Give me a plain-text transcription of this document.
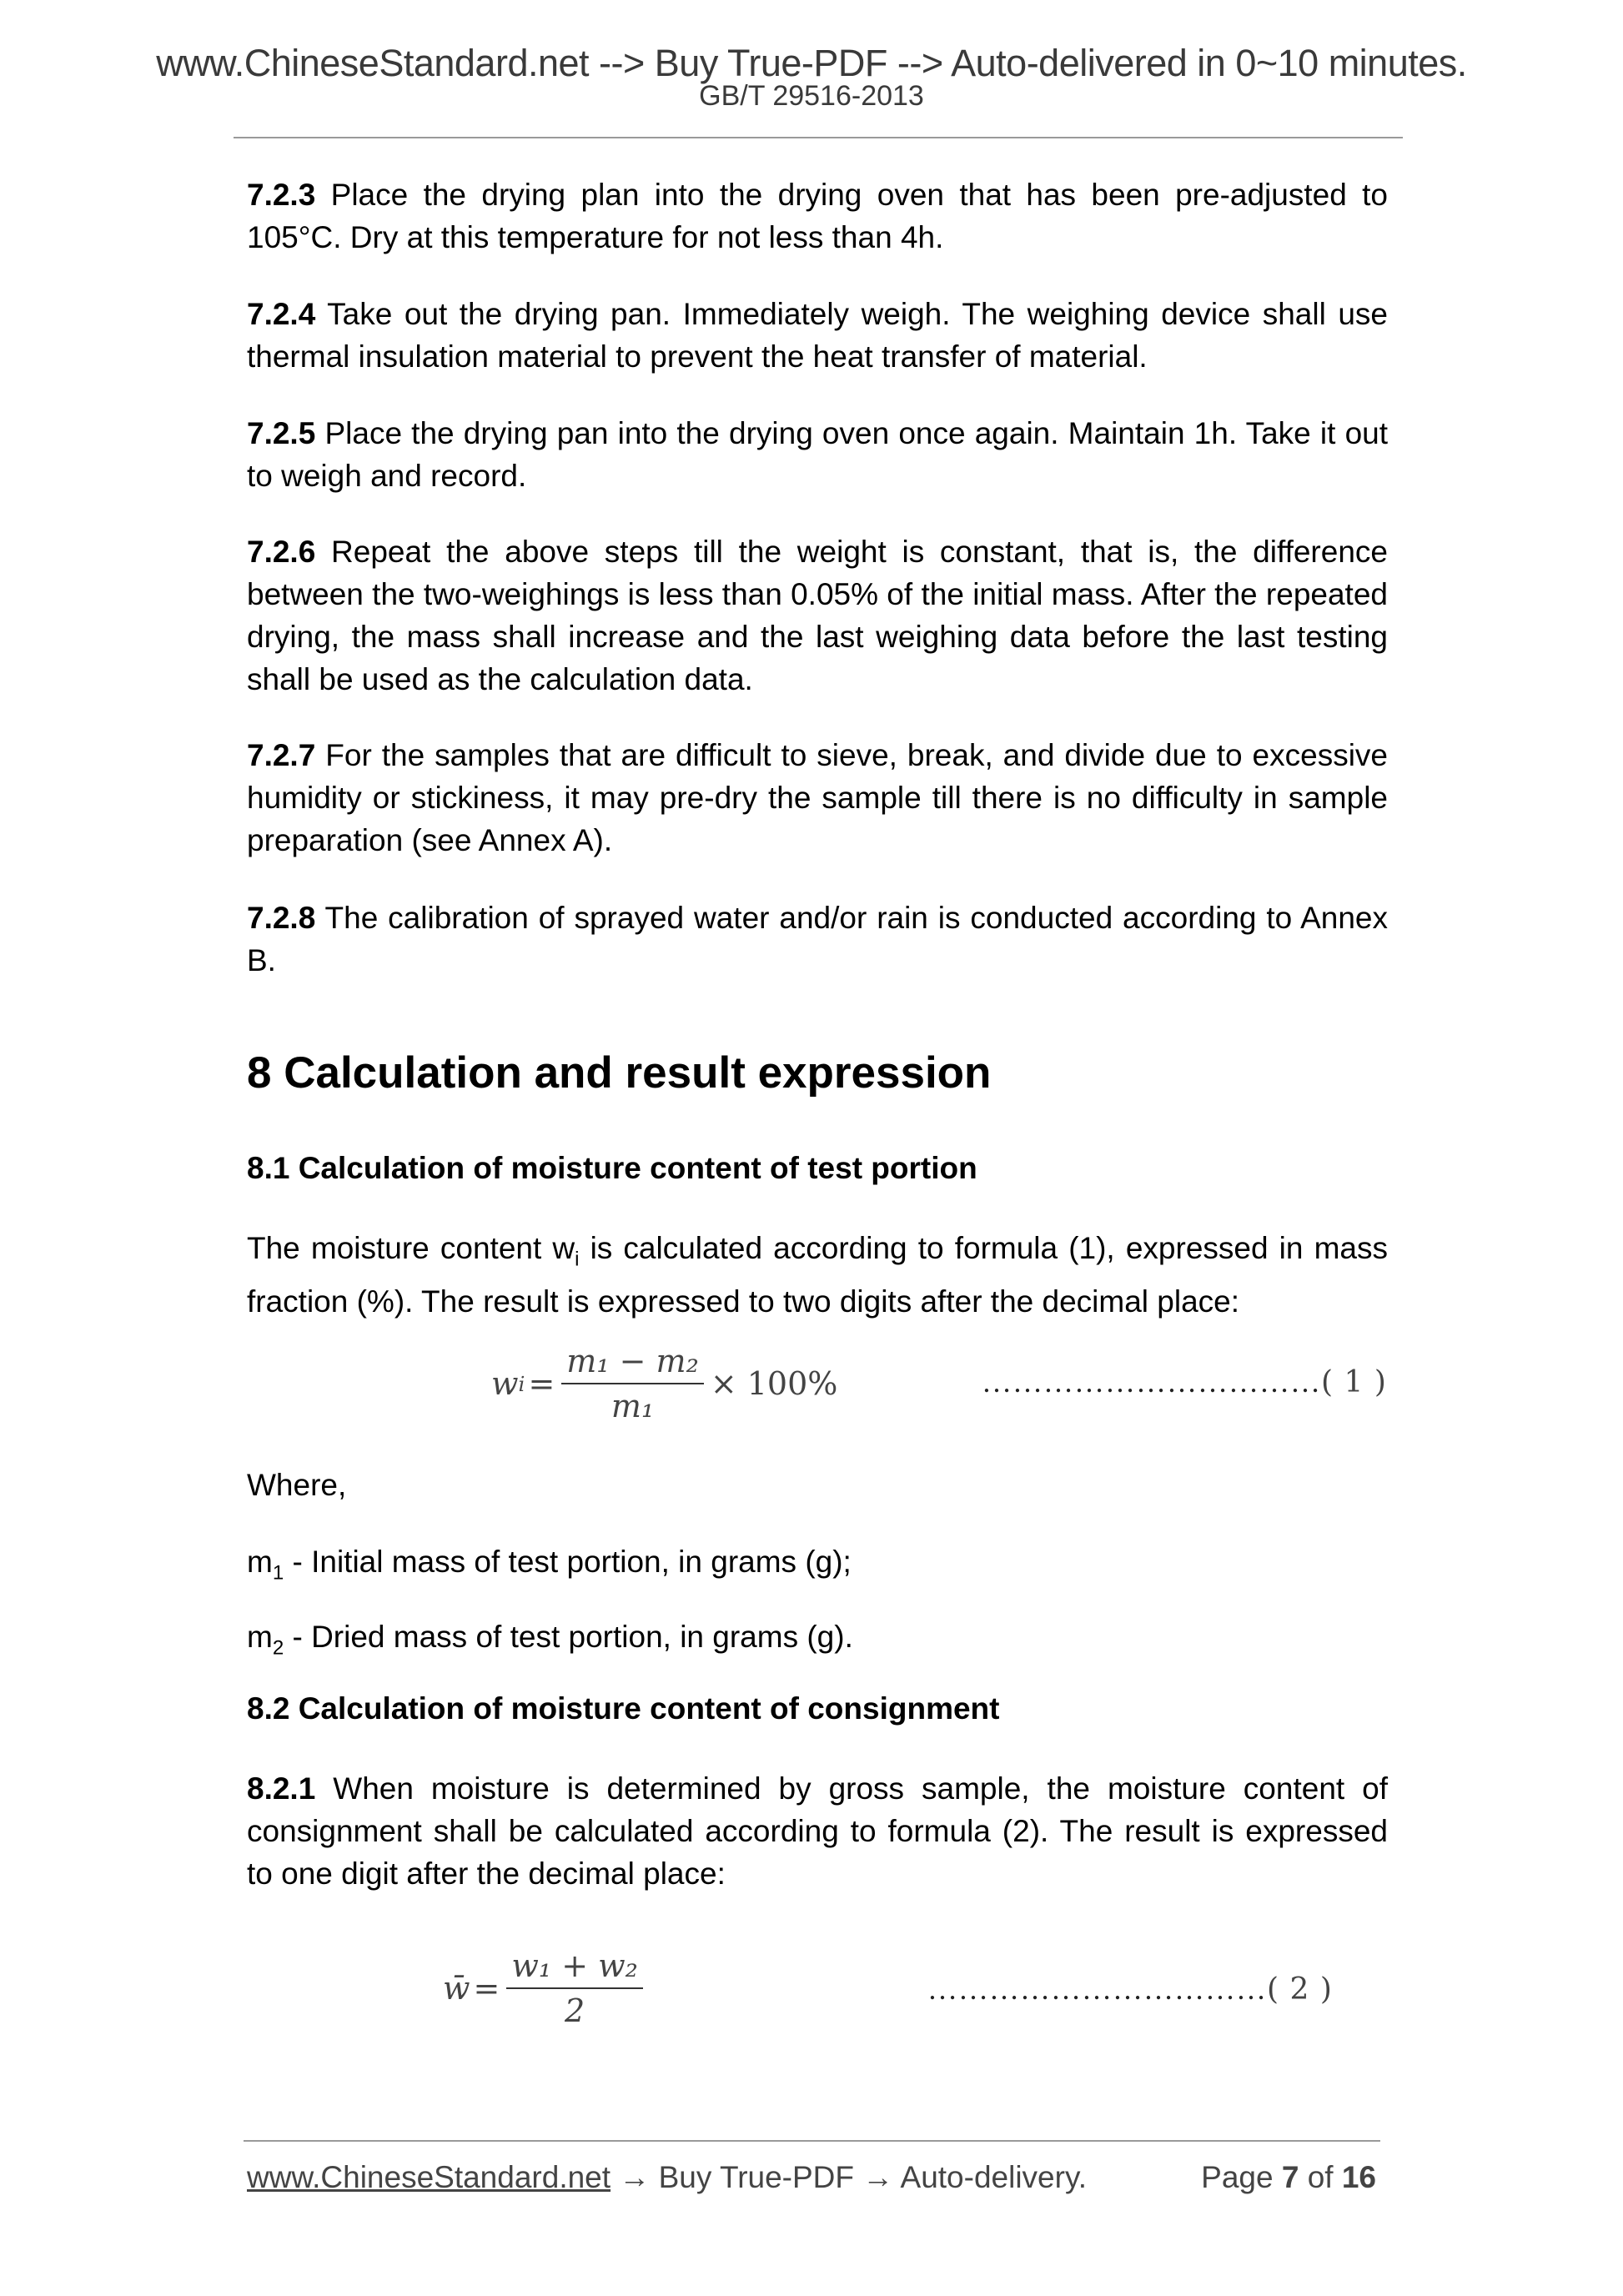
www.ChineseStandard.net --> Buy True-PDF --> Auto-delivered in 0~10 minutes.
GB/T 29516-2013
7.2.3 Place the drying plan into the drying oven that has been pre-adjusted to 105°C. Dry at this temperature for not less than 4h.
7.2.4 Take out the drying pan. Immediately weigh. The weighing device shall use thermal insulation material to prevent the heat transfer of material.
7.2.5 Place the drying pan into the drying oven once again. Maintain 1h. Take it out to weigh and record.
7.2.6 Repeat the above steps till the weight is constant, that is, the difference between the two-weighings is less than 0.05% of the initial mass. After the repeated drying, the mass shall increase and the last weighing data before the last testing shall be used as the calculation data.
7.2.7 For the samples that are difficult to sieve, break, and divide due to excessive humidity or stickiness, it may pre-dry the sample till there is no difficulty in sample preparation (see Annex A).
7.2.8 The calibration of sprayed water and/or rain is conducted according to Annex B.
8 Calculation and result expression
8.1 Calculation of moisture content of test portion
The moisture content $w_i$ is calculated according to formula (1), expressed in mass fraction (%). The result is expressed to two digits after the decimal place:
w $i = \frac{\text{m₁ − m₂}}{\text{m₁}} \times 100\%$	……………………………( 1 )
Where,
$m_1$ - Initial mass of test portion, in grams (g);
$m_2$ - Dried mass of test portion, in grams (g).
8.2 Calculation of moisture content of consignment
8.2.1 When moisture is determined by gross sample, the moisture content of consignment shall be calculated according to formula (2). The result is expressed to one digit after the decimal place:
w̄ = $\frac{\text{w₁ + w₂}}{2}$	……………………………( 2 )
www.ChineseStandard.net → Buy True-PDF → Auto-delivery.	Page 7 of 16
